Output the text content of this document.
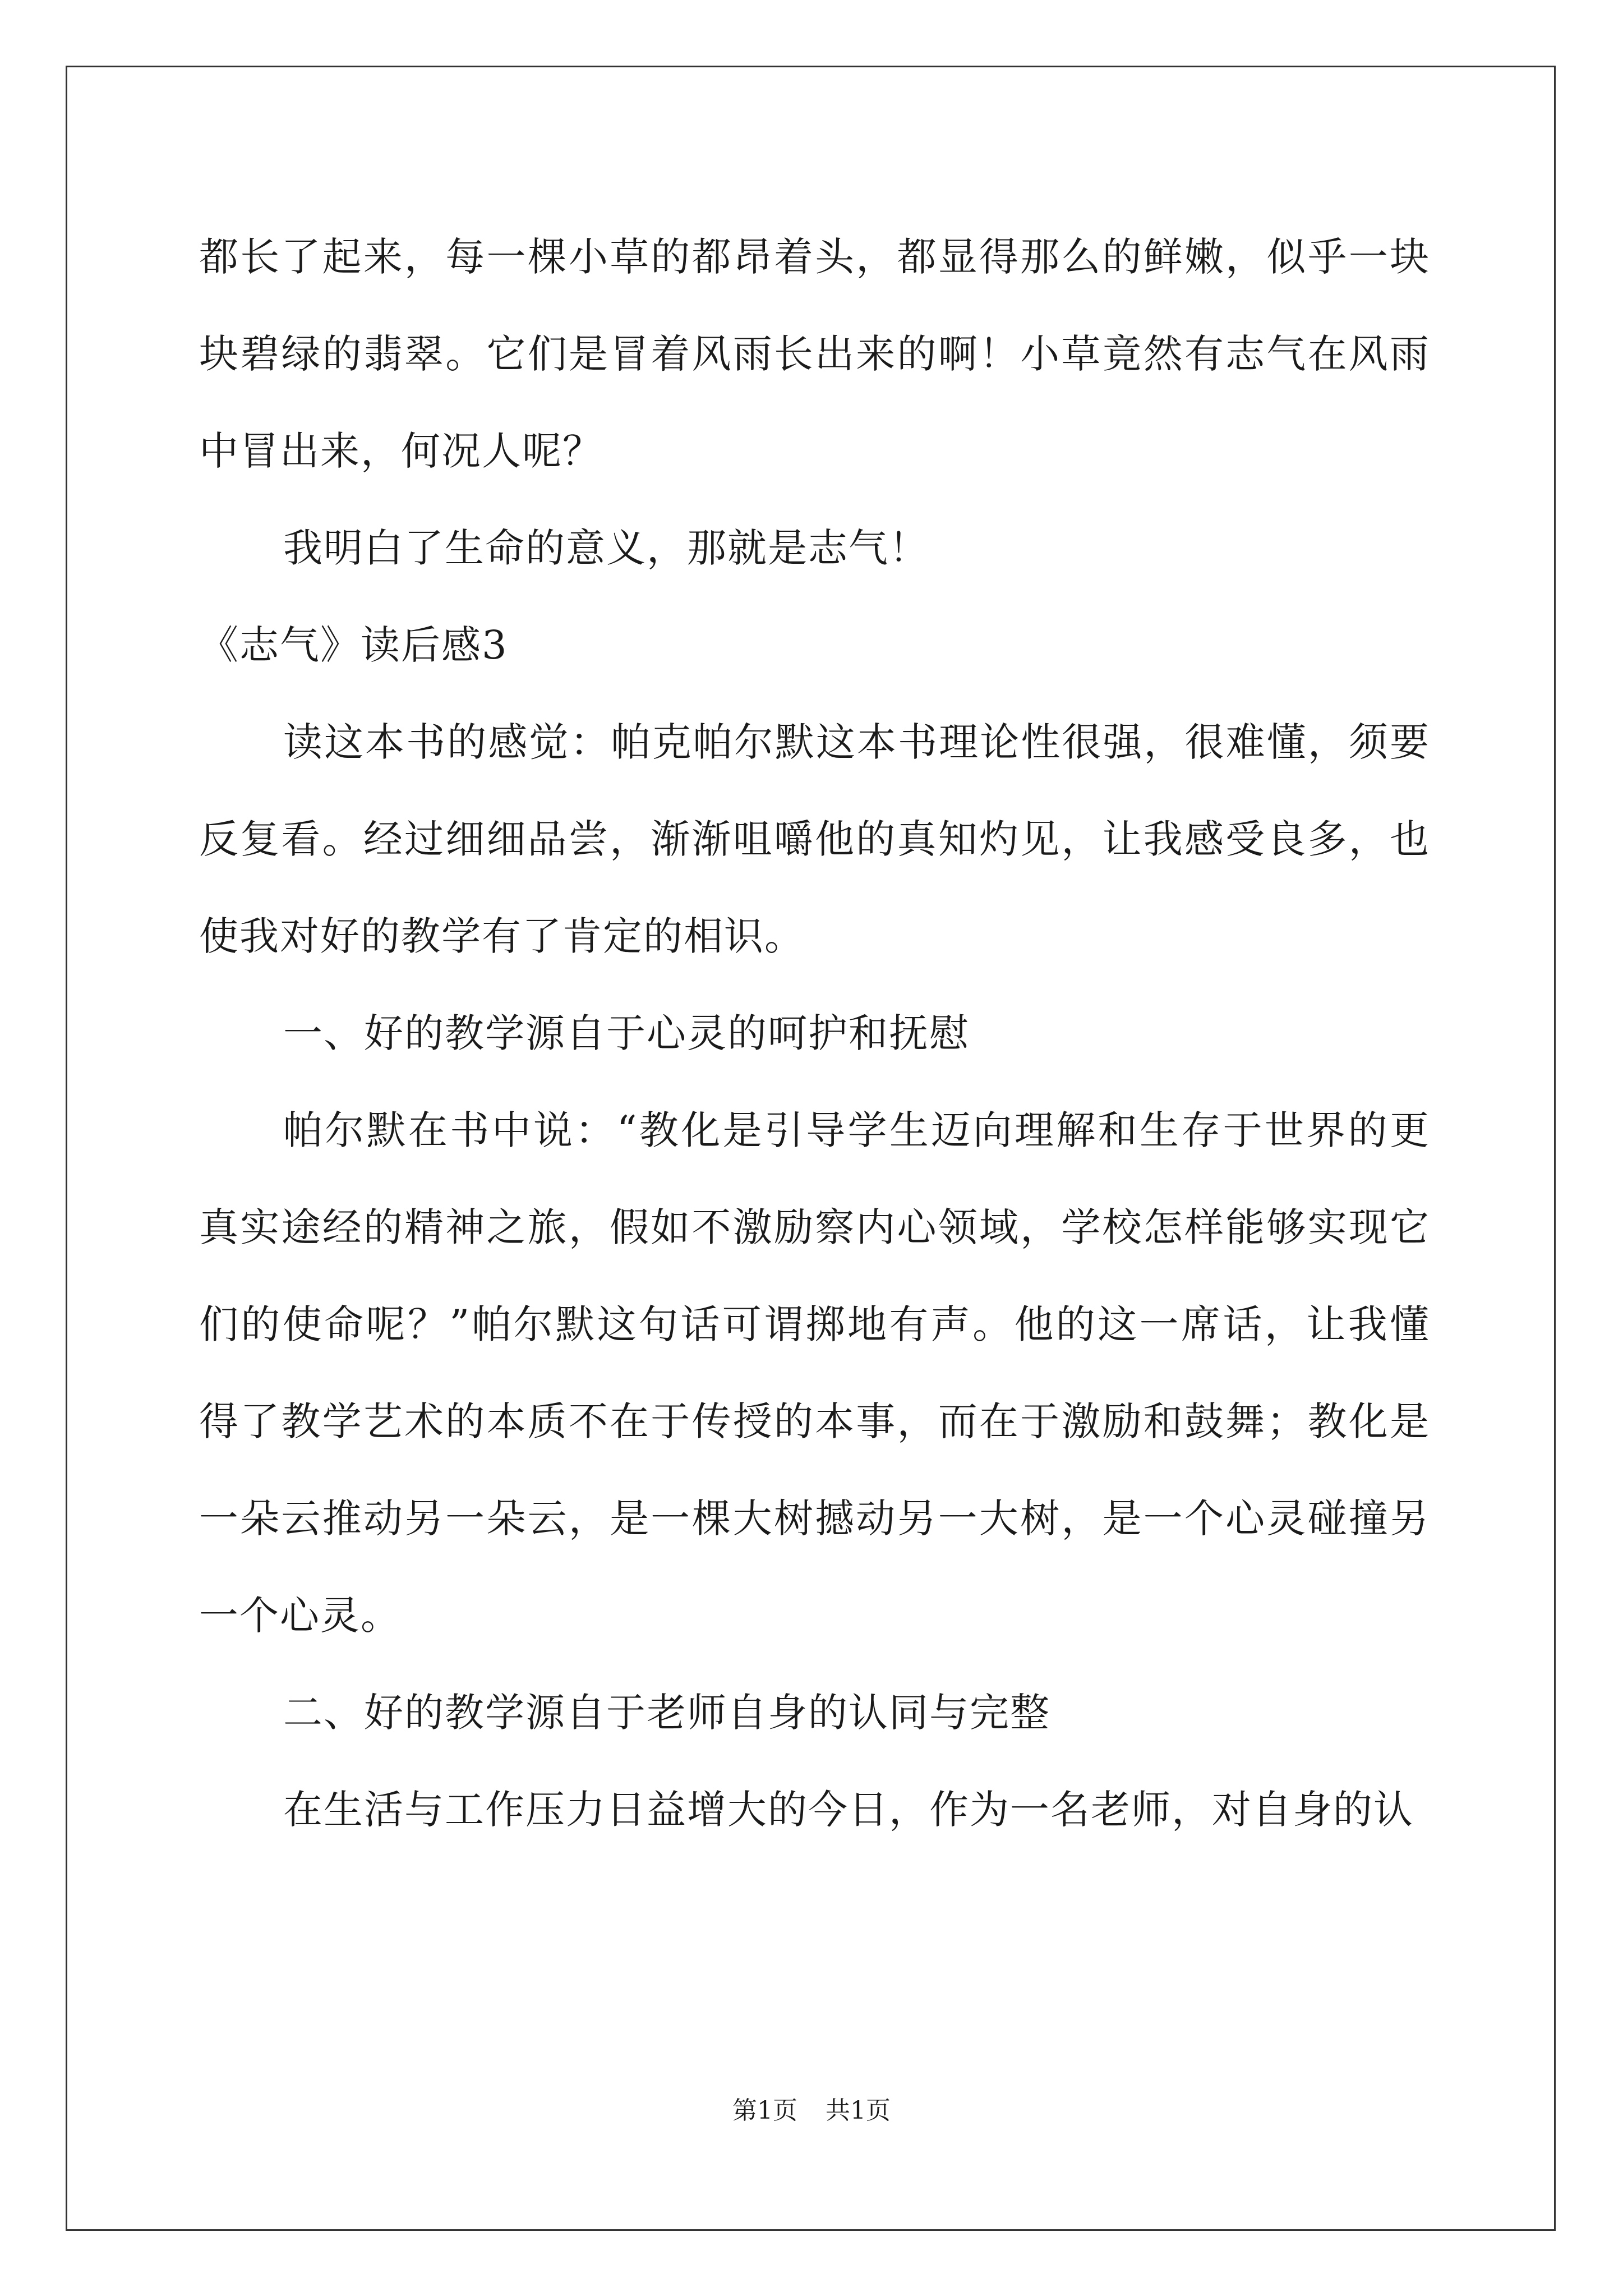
都长了起来，每一棵小草的都昂着头，都显得那么的鲜嫩，似乎一块块碧绿的翡翠。它们是冒着风雨长出来的啊！小草竟然有志气在风雨中冒出来，何况人呢？

我明白了生命的意义，那就是志气！

《志气》读后感3

读这本书的感觉：帕克帕尔默这本书理论性很强，很难懂，须要反复看。经过细细品尝，渐渐咀嚼他的真知灼见，让我感受良多，也使我对好的教学有了肯定的相识。

一、好的教学源自于心灵的呵护和抚慰

帕尔默在书中说：“教化是引导学生迈向理解和生存于世界的更真实途经的精神之旅，假如不激励察内心领域，学校怎样能够实现它们的使命呢？”帕尔默这句话可谓掷地有声。他的这一席话，让我懂得了教学艺术的本质不在于传授的本事，而在于激励和鼓舞；教化是一朵云推动另一朵云，是一棵大树撼动另一大树，是一个心灵碰撞另一个心灵。

二、好的教学源自于老师自身的认同与完整

在生活与工作压力日益增大的今日，作为一名老师，对自身的认

第1页 共1页
